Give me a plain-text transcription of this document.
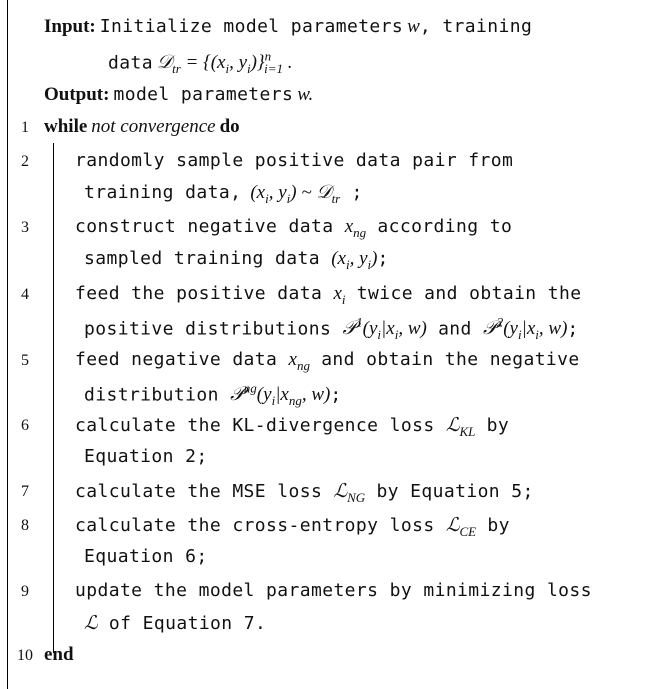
Input: Initialize model parameters w, training
data 𝒟$_{tr}$ = {($x_i$, $y_i)\}^n_{i=1}$ .
Output: model parameters w.
1 while not convergence do
2	randomly sample positive data pair from
training data, ($x_i$, $y_i$) ~ 𝒟$_{tr}$ ;
3	construct negative data $x_{ng}$ according to
sampled training data ($x_i$, $y_i$);
4	feed the positive data $x_i$ twice and obtain the
positive distributions $𝒫^1(y_i|x_i$, w) and $𝒫^2(y_i|x_i$, w);
5	feed negative data $x_{ng}$ and obtain the negative
distribution $𝒫^{ng}(y_i|x_{ng}$, w);
6	calculate the KL-divergence loss ℒ$_{KL}$ by
Equation 2;
7	calculate the MSE loss ℒ$_{NG}$ by Equation 5;
8	calculate the cross-entropy loss ℒ$_{CE}$ by
Equation 6;
9	update the model parameters by minimizing loss
ℒ of Equation 7.
10 end
